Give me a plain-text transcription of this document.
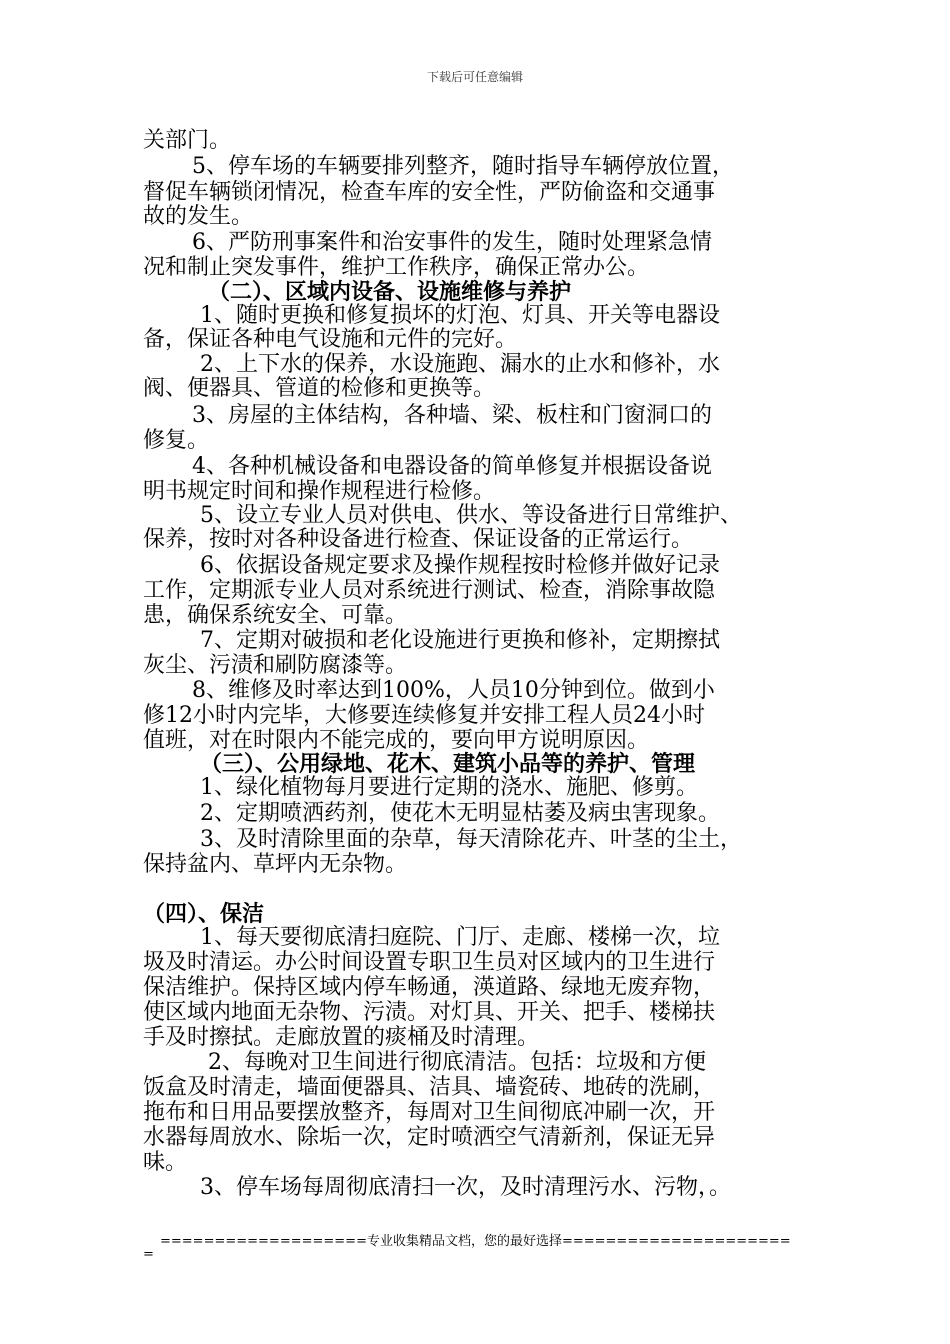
下载后可任意编辑
关部门。
5、停车场的车辆要排列整齐，随时指导车辆停放位置，
督促车辆锁闭情况，检查车库的安全性，严防偷盗和交通事
故的发生。
6、严防刑事案件和治安事件的发生，随时处理紧急情
况和制止突发事件，维护工作秩序，确保正常办公。
（二）、区域内设备、设施维修与养护
1、随时更换和修复损坏的灯泡、灯具、开关等电器设
备，保证各种电气设施和元件的完好。
2、上下水的保养，水设施跑、漏水的止水和修补，水
阀、便器具、管道的检修和更换等。
3、房屋的主体结构，各种墙、梁、板柱和门窗洞口的
修复。
4、各种机械设备和电器设备的简单修复并根据设备说
明书规定时间和操作规程进行检修。
5、设立专业人员对供电、供水、等设备进行日常维护、
保养，按时对各种设备进行检查、保证设备的正常运行。
6、依据设备规定要求及操作规程按时检修并做好记录
工作，定期派专业人员对系统进行测试、检查，消除事故隐
患，确保系统安全、可靠。
7、定期对破损和老化设施进行更换和修补，定期擦拭
灰尘、污渍和刷防腐漆等。
8、维修及时率达到100%，人员10分钟到位。做到小
修12小时内完毕，大修要连续修复并安排工程人员24小时
值班，对在时限内不能完成的，要向甲方说明原因。
（三）、公用绿地、花木、建筑小品等的养护、管理
1、绿化植物每月要进行定期的浇水、施肥、修剪。
2、定期喷洒药剂，使花木无明显枯萎及病虫害现象。
3、及时清除里面的杂草，每天清除花卉、叶茎的尘土，
保持盆内、草坪内无杂物。
（四）、保洁
1、每天要彻底清扫庭院、门厅、走廊、楼梯一次，垃
圾及时清运。办公时间设置专职卫生员对区域内的卫生进行
保洁维护。保持区域内停车畅通，渶道路、绿地无废弃物，
使区域内地面无杂物、污渍。对灯具、开关、把手、楼梯扶
手及时擦拭。走廊放置的痰桶及时清理。
2、每晚对卫生间进行彻底清洁。包括：垃圾和方便
饭盒及时清走，墙面便器具、洁具、墙瓷砖、地砖的洗刷，
拖布和日用品要摆放整齐，每周对卫生间彻底冲刷一次，开
水器每周放水、除垢一次，定时喷洒空气清新剂，保证无异
味。
3、停车场每周彻底清扫一次，及时清理污水、污物，。
===================专业收集精品文档，您的最好选择=====================
=
